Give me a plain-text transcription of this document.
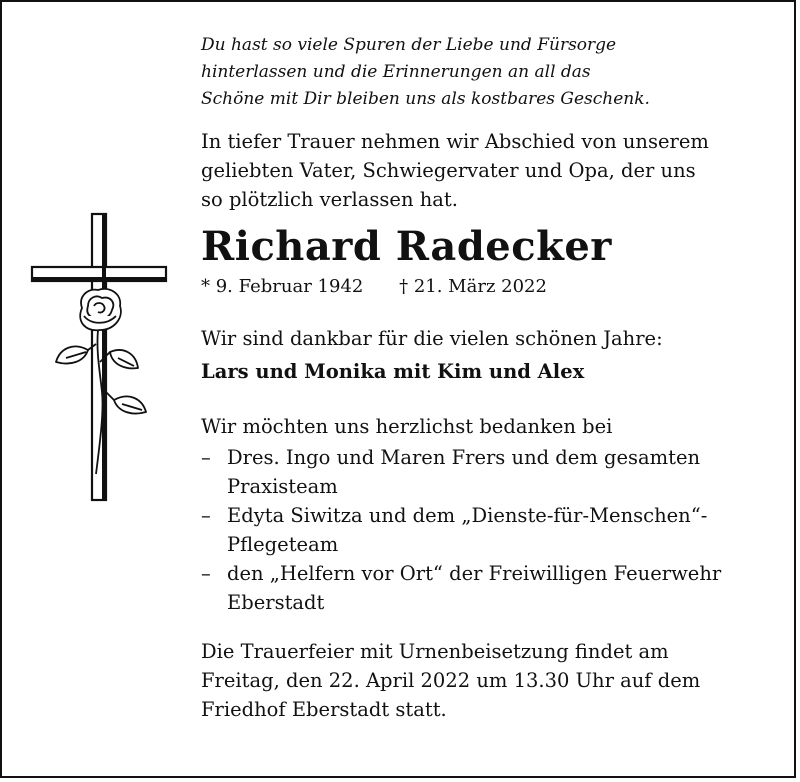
Du hast so viele Spuren der Liebe und Fürsorge
hinterlassen und die Erinnerungen an all das
Schöne mit Dir bleiben uns als kostbares Geschenk.

In tiefer Trauer nehmen wir Abschied von unserem
geliebten Vater, Schwiegervater und Opa, der uns
so plötzlich verlassen hat.

Richard Radecker

* 9. Februar 1942 † 21. März 2022

Wir sind dankbar für die vielen schönen Jahre:

Lars und Monika mit Kim und Alex

Wir möchten uns herzlichst bedanken bei

– Dres. Ingo und Maren Frers und dem gesamten
Praxisteam
– Edyta Siwitza und dem „Dienste-für-Menschen“-
Pflegeteam
– den „Helfern vor Ort“ der Freiwilligen Feuerwehr
Eberstadt

Die Trauerfeier mit Urnenbeisetzung findet am
Freitag, den 22. April 2022 um 13.30 Uhr auf dem
Friedhof Eberstadt statt.
